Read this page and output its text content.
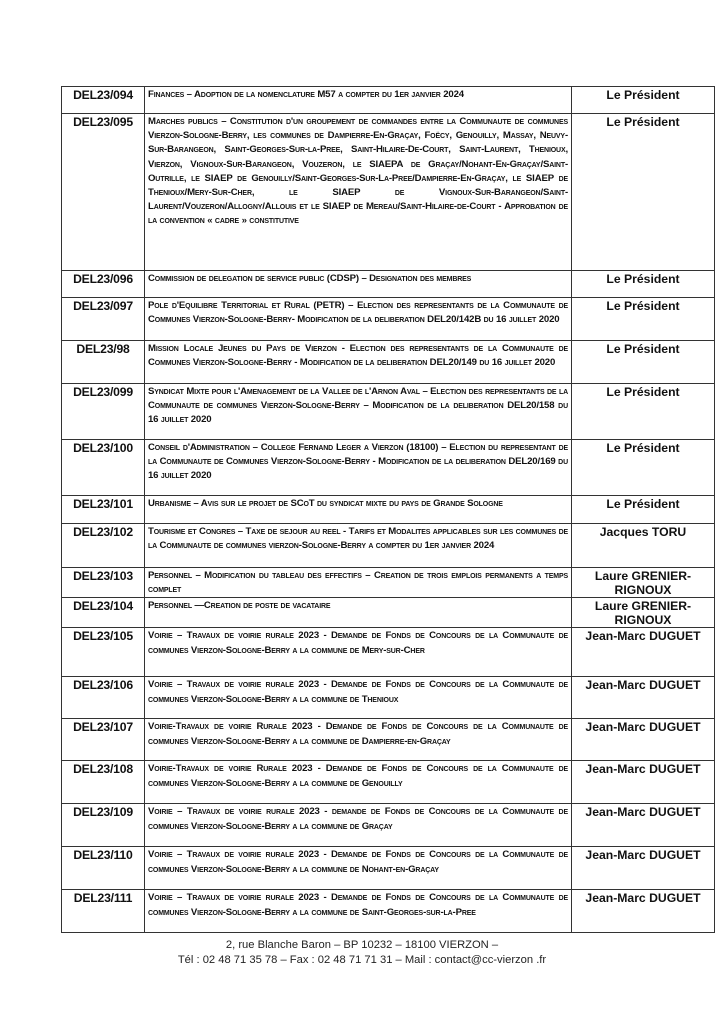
DEL23/094	Finances – Adoption de la nomenclature M57 a compter du 1er janvier 2024	Le Président
DEL23/095	Marches publics – Constitution d'un groupement de commandes entre la Communaute de communes Vierzon-Sologne-Berry, les communes de Dampierre-En-Graçay, Foëcy, Genouilly, Massay, Neuvy-Sur-Barangeon, Saint-Georges-Sur-la-Pree, Saint-Hilaire-De-Court, Saint-Laurent, Thenioux, Vierzon, Vignoux-Sur-Barangeon, Vouzeron, le SIAEPA de Graçay/Nohant-En-Graçay/Saint-Outrille, le SIAEP de Genouilly/Saint-Georges-Sur-La-Pree/Dampierre-En-Graçay, le SIAEP de Thenioux/Mery-Sur-Cher, le SIAEP de Vignoux-Sur-Barangeon/Saint-Laurent/Vouzeron/Allogny/Allouis et le SIAEP de Mereau/Saint-Hilaire-de-Court - Approbation de la convention « cadre » constitutive	Le Président
DEL23/096	Commission de delegation de service public (CDSP) – Designation des membres	Le Président
DEL23/097	Pole d'Equilibre Territorial et Rural (PETR) – Election des representants de la Communaute de Communes Vierzon-Sologne-Berry- Modification de la deliberation DEL20/142B du 16 juillet 2020	Le Président
DEL23/98	Mission Locale Jeunes du Pays de Vierzon - Election des representants de la Communaute de Communes Vierzon-Sologne-Berry - Modification de la deliberation DEL20/149 du 16 juillet 2020	Le Président
DEL23/099	Syndicat Mixte pour l'Amenagement de la Vallee de l'Arnon Aval – Election des representants de la Communaute de communes Vierzon-Sologne-Berry – Modification de la deliberation DEL20/158 du 16 juillet 2020	Le Président
DEL23/100	Conseil d'Administration – College Fernand Leger a Vierzon (18100) – Election du representant de la Communaute de Communes Vierzon-Sologne-Berry - Modification de la deliberation DEL20/169 du 16 juillet 2020	Le Président
DEL23/101	Urbanisme – Avis sur le projet de SCoT du syndicat mixte du pays de Grande Sologne	Le Président
DEL23/102	Tourisme et Congres – Taxe de sejour au reel - Tarifs et Modalites applicables sur les communes de la Communaute de communes vierzon-Sologne-Berry a compter du 1er janvier 2024	Jacques TORU
DEL23/103	Personnel – Modification du tableau des effectifs – Creation de trois emplois permanents a temps complet	Laure GRENIER-RIGNOUX
DEL23/104	Personnel —Creation de poste de vacataire	Laure GRENIER-RIGNOUX
DEL23/105	Voirie – Travaux de voirie rurale 2023 - Demande de Fonds de Concours de la Communaute de communes Vierzon-Sologne-Berry a la commune de Mery-sur-Cher	Jean-Marc DUGUET
DEL23/106	Voirie – Travaux de voirie rurale 2023 - Demande de Fonds de Concours de la Communaute de communes Vierzon-Sologne-Berry a la commune de Thenioux	Jean-Marc DUGUET
DEL23/107	Voirie-Travaux de voirie Rurale 2023 - Demande de Fonds de Concours de la Communaute de communes Vierzon-Sologne-Berry a la commune de Dampierre-en-Graçay	Jean-Marc DUGUET
DEL23/108	Voirie-Travaux de voirie Rurale 2023 - Demande de Fonds de Concours de la Communaute de communes Vierzon-Sologne-Berry a la commune de Genouilly	Jean-Marc DUGUET
DEL23/109	Voirie – Travaux de voirie rurale 2023 - demande de Fonds de Concours de la Communaute de communes Vierzon-Sologne-Berry a la commune de Graçay	Jean-Marc DUGUET
DEL23/110	Voirie – Travaux de voirie rurale 2023 - Demande de Fonds de Concours de la Communaute de communes Vierzon-Sologne-Berry a la commune de Nohant-en-Graçay	Jean-Marc DUGUET
DEL23/111	Voirie – Travaux de voirie rurale 2023 - Demande de Fonds de Concours de la Communaute de communes Vierzon-Sologne-Berry a la commune de Saint-Georges-sur-la-Pree	Jean-Marc DUGUET
2, rue Blanche Baron – BP 10232 – 18100 VIERZON –
Tél : 02 48 71 35 78 – Fax : 02 48 71 71 31 – Mail : contact@cc-vierzon .fr
